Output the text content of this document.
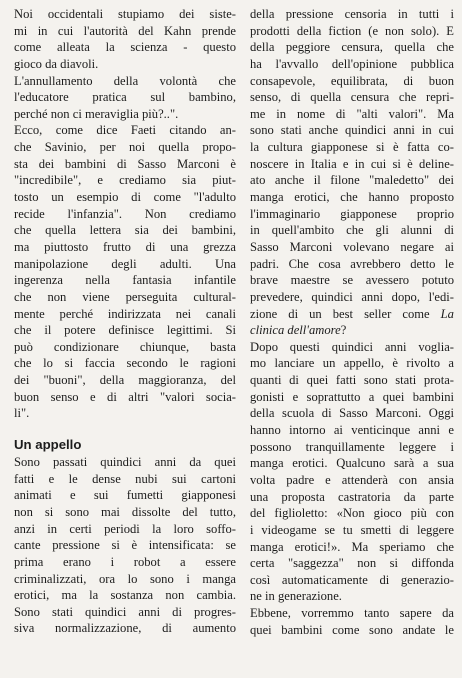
Noi occidentali stupiamo dei siste-
mi in cui l'autorità del Kahn prende
come alleata la scienza - questo
gioco da diavoli.
L'annullamento della volontà che
l'educatore pratica sul bambino,
perché non ci meraviglia più?..".
Ecco, come dice Faeti citando an-
che Savinio, per noi quella propo-
sta dei bambini di Sasso Marconi è
"incredibile", e crediamo sia piut-
tosto un esempio di come "l'adulto
recide l'infanzia". Non crediamo
che quella lettera sia dei bambini,
ma piuttosto frutto di una grezza
manipolazione degli adulti. Una
ingerenza nella fantasia infantile
che non viene perseguita cultural-
mente perché indirizzata nei canali
che il potere definisce legittimi. Si
può condizionare chiunque, basta
che lo si faccia secondo le ragioni
dei "buoni", della maggioranza, del
buon senso e di altri "valori socia-
li".
Un appello
Sono passati quindici anni da quei
fatti e le dense nubi sui cartoni
animati e sui fumetti giapponesi
non si sono mai dissolte del tutto,
anzi in certi periodi la loro soffo-
cante pressione si è intensificata: se
prima erano i robot a essere
criminalizzati, ora lo sono i manga
erotici, ma la sostanza non cambia.
Sono stati quindici anni di progres-
siva normalizzazione, di aumento
della pressione censoria in tutti i
prodotti della fiction (e non solo). E
della peggiore censura, quella che
ha l'avvallo dell'opinione pubblica
consapevole, equilibrata, di buon
senso, di quella censura che repri-
me in nome di "alti valori". Ma
sono stati anche quindici anni in cui
la cultura giapponese si è fatta co-
noscere in Italia e in cui si è deline-
ato anche il filone "maledetto" dei
manga erotici, che hanno proposto
l'immaginario giapponese proprio
in quell'ambito che gli alunni di
Sasso Marconi volevano negare ai
padri. Che cosa avrebbero detto le
brave maestre se avessero potuto
prevedere, quindici anni dopo, l'edi-
zione di un best seller come La
clinica dell'amore?
Dopo questi quindici anni voglia-
mo lanciare un appello, è rivolto a
quanti di quei fatti sono stati prota-
gonisti e soprattutto a quei bambini
della scuola di Sasso Marconi. Oggi
hanno intorno ai venticinque anni e
possono tranquillamente leggere i
manga erotici. Qualcuno sarà a sua
volta padre e attenderà con ansia
una proposta castratoria da parte
del figlioletto: «Non gioco più con
i videogame se tu smetti di leggere
manga erotici!». Ma speriamo che
certa "saggezza" non si diffonda
così automaticamente di generazio-
ne in generazione.
Ebbene, vorremmo tanto sapere da
quei bambini come sono andate le
